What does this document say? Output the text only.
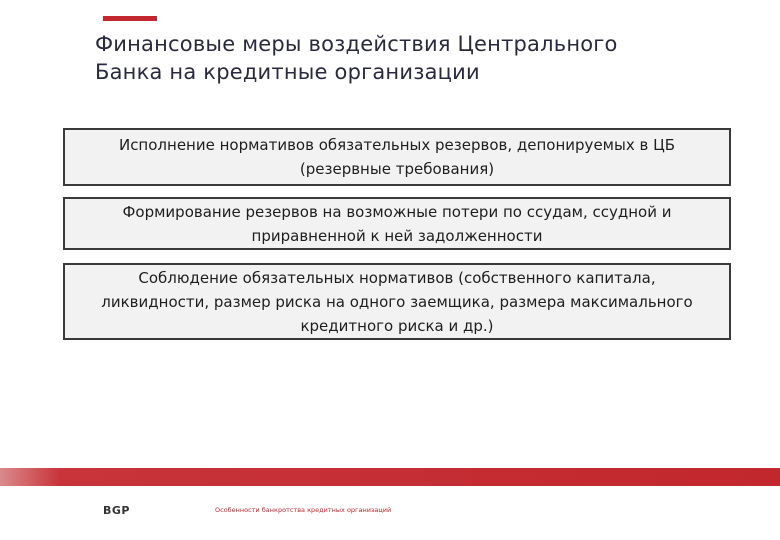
Финансовые меры воздействия Центрального
Банка на кредитные организации
Исполнение нормативов обязательных резервов, депонируемых в ЦБ
(резервные требования)
Формирование резервов на возможные потери по ссудам, ссудной и
приравненной к ней задолженности
Соблюдение обязательных нормативов (собственного капитала,
ликвидности, размер риска на одного заемщика, размера максимального
кредитного риска и др.)
BGP	Особенности банкротства кредитных организаций
